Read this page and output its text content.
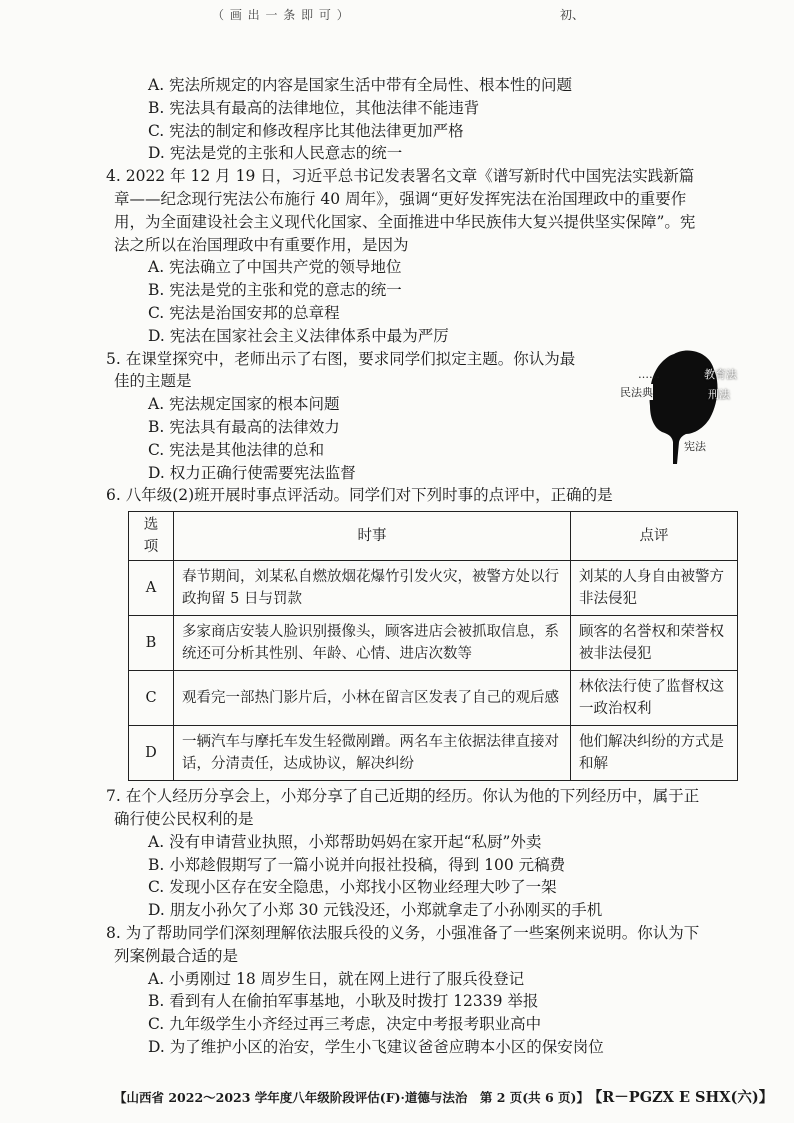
（ 画 出 一 条 即 可 ）	初、
A. 宪法所规定的内容是国家生活中带有全局性、根本性的问题
B. 宪法具有最高的法律地位，其他法律不能违背
C. 宪法的制定和修改程序比其他法律更加严格
D. 宪法是党的主张和人民意志的统一
4. 2022 年 12 月 19 日，习近平总书记发表署名文章《谱写新时代中国宪法实践新篇
章——纪念现行宪法公布施行 40 周年》，强调“更好发挥宪法在治国理政中的重要作
用，为全面建设社会主义现代化国家、全面推进中华民族伟大复兴提供坚实保障”。宪
法之所以在治国理政中有重要作用，是因为
A. 宪法确立了中国共产党的领导地位
B. 宪法是党的主张和党的意志的统一
C. 宪法是治国安邦的总章程
D. 宪法在国家社会主义法律体系中最为严厉
5. 在课堂探究中，老师出示了右图，要求同学们拟定主题。你认为最
佳的主题是
A. 宪法规定国家的根本问题
B. 宪法具有最高的法律效力
C. 宪法是其他法律的总和
D. 权力正确行使需要宪法监督
……
民法典
教育法
刑法
宪法
6. 八年级(2)班开展时事点评活动。同学们对下列时事的点评中，正确的是
选项	时事	点评
A	春节期间，刘某私自燃放烟花爆竹引发火灾，被警方处以行政拘留 5 日与罚款	刘某的人身自由被警方非法侵犯
B	多家商店安装人脸识别摄像头，顾客进店会被抓取信息，系统还可分析其性别、年龄、心情、进店次数等	顾客的名誉权和荣誉权被非法侵犯
C	观看完一部热门影片后，小林在留言区发表了自己的观后感	林依法行使了监督权这一政治权利
D	一辆汽车与摩托车发生轻微剐蹭。两名车主依据法律直接对话，分清责任，达成协议，解决纠纷	他们解决纠纷的方式是和解
7. 在个人经历分享会上，小郑分享了自己近期的经历。你认为他的下列经历中，属于正
确行使公民权利的是
A. 没有申请营业执照，小郑帮助妈妈在家开起“私厨”外卖
B. 小郑趁假期写了一篇小说并向报社投稿，得到 100 元稿费
C. 发现小区存在安全隐患，小郑找小区物业经理大吵了一架
D. 朋友小孙欠了小郑 30 元钱没还，小郑就拿走了小孙刚买的手机
8. 为了帮助同学们深刻理解依法服兵役的义务，小强准备了一些案例来说明。你认为下
列案例最合适的是
A. 小勇刚过 18 周岁生日，就在网上进行了服兵役登记
B. 看到有人在偷拍军事基地，小耿及时拨打 12339 举报
C. 九年级学生小齐经过再三考虑，决定中考报考职业高中
D. 为了维护小区的治安，学生小飞建议爸爸应聘本小区的保安岗位
【山西省 2022～2023 学年度八年级阶段评估(F)·道德与法治　第 2 页(共 6 页)】 【R－PGZX E SHX(六)】
